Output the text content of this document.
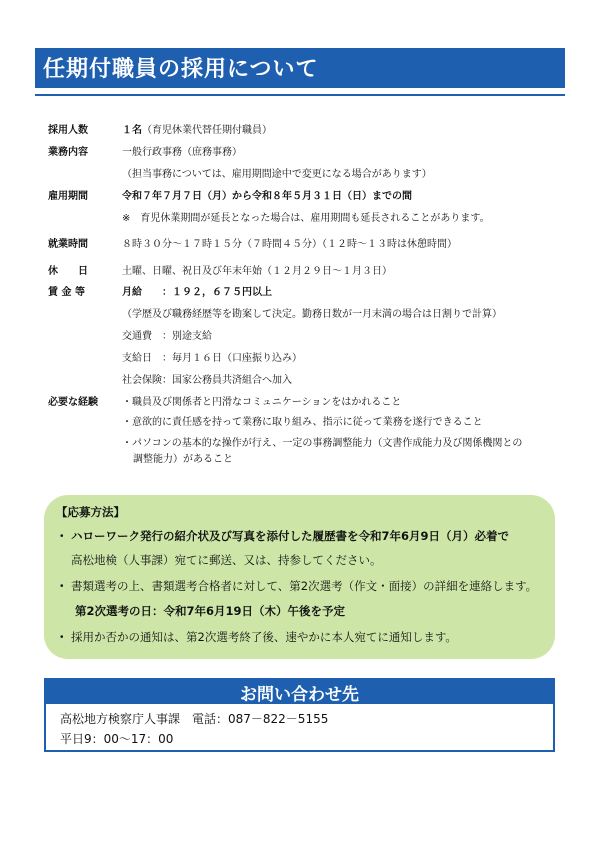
任期付職員の採用について
採用人数	１名（育児休業代替任期付職員）
業務内容	一般行政事務（庶務事務）
（担当事務については、雇用期間途中で変更になる場合があります）
雇用期間	令和７年７月７日（月）から令和８年５月３１日（日）までの間
※　育児休業期間が延長となった場合は、雇用期間も延長されることがあります。
就業時間	８時３０分～１７時１５分（７時間４５分）（１２時～１３時は休憩時間）
休　　日	土曜、日曜、祝日及び年末年始（１２月２９日～１月３日）
賃 金 等	月給　　：１９２，６７５円以上
（学歴及び職務経歴等を勘案して決定。勤務日数が一月末満の場合は日割りで計算）
交通費　：別途支給
支給日　：毎月１６日（口座振り込み）
社会保険：国家公務員共済組合へ加入
必要な経験 ・職員及び関係者と円滑なコミュニケーションをはかれること
・意欲的に責任感を持って業務に取り組み、指示に従って業務を遂行できること
・パソコンの基本的な操作が行え、一定の事務調整能力（文書作成能力及び関係機関との
調整能力）があること
【応募方法】
・ ハローワーク発行の紹介状及び写真を添付した履歴書を令和7年6月9日（月）必着で
高松地検（人事課）宛てに郵送、又は、持参してください。
・ 書類選考の上、書類選考合格者に対して、第2次選考（作文・面接）の詳細を連絡します。
第2次選考の日：令和7年6月19日（木）午後を予定
・ 採用か否かの通知は、第2次選考終了後、速やかに本人宛てに通知します。
お問い合わせ先
高松地方検察庁人事課　電話：087－822－5155
平日9：00～17：00
